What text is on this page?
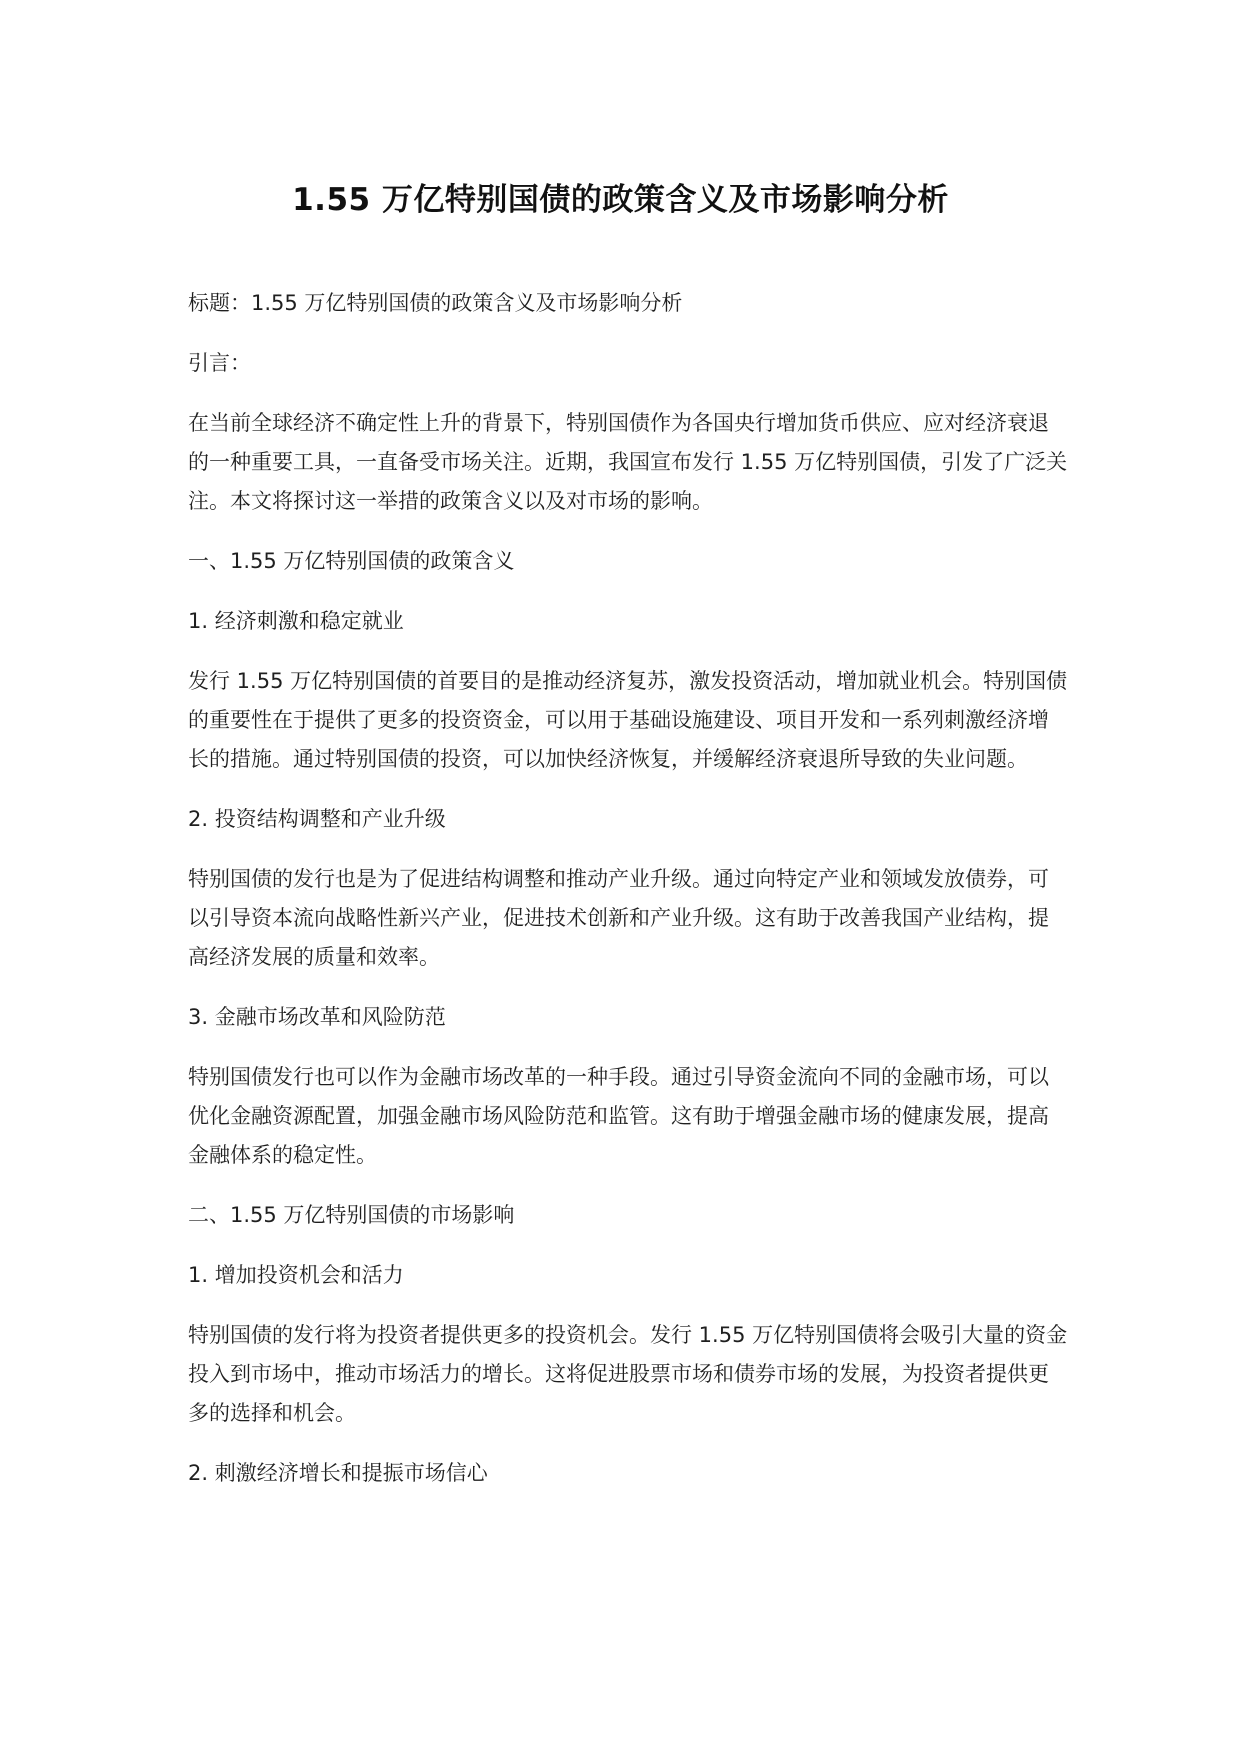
1.55 万亿特别国债的政策含义及市场影响分析

标题：1.55 万亿特别国债的政策含义及市场影响分析

引言：

在当前全球经济不确定性上升的背景下，特别国债作为各国央行增加货币供应、应对经济衰退的一种重要工具，一直备受市场关注。近期，我国宣布发行 1.55 万亿特别国债，引发了广泛关注。本文将探讨这一举措的政策含义以及对市场的影响。

一、1.55 万亿特别国债的政策含义

1. 经济刺激和稳定就业

发行 1.55 万亿特别国债的首要目的是推动经济复苏，激发投资活动，增加就业机会。特别国债的重要性在于提供了更多的投资资金，可以用于基础设施建设、项目开发和一系列刺激经济增长的措施。通过特别国债的投资，可以加快经济恢复，并缓解经济衰退所导致的失业问题。

2. 投资结构调整和产业升级

特别国债的发行也是为了促进结构调整和推动产业升级。通过向特定产业和领域发放债券，可以引导资本流向战略性新兴产业，促进技术创新和产业升级。这有助于改善我国产业结构，提高经济发展的质量和效率。

3. 金融市场改革和风险防范

特别国债发行也可以作为金融市场改革的一种手段。通过引导资金流向不同的金融市场，可以优化金融资源配置，加强金融市场风险防范和监管。这有助于增强金融市场的健康发展，提高金融体系的稳定性。

二、1.55 万亿特别国债的市场影响

1. 增加投资机会和活力

特别国债的发行将为投资者提供更多的投资机会。发行 1.55 万亿特别国债将会吸引大量的资金投入到市场中，推动市场活力的增长。这将促进股票市场和债券市场的发展，为投资者提供更多的选择和机会。

2. 刺激经济增长和提振市场信心
